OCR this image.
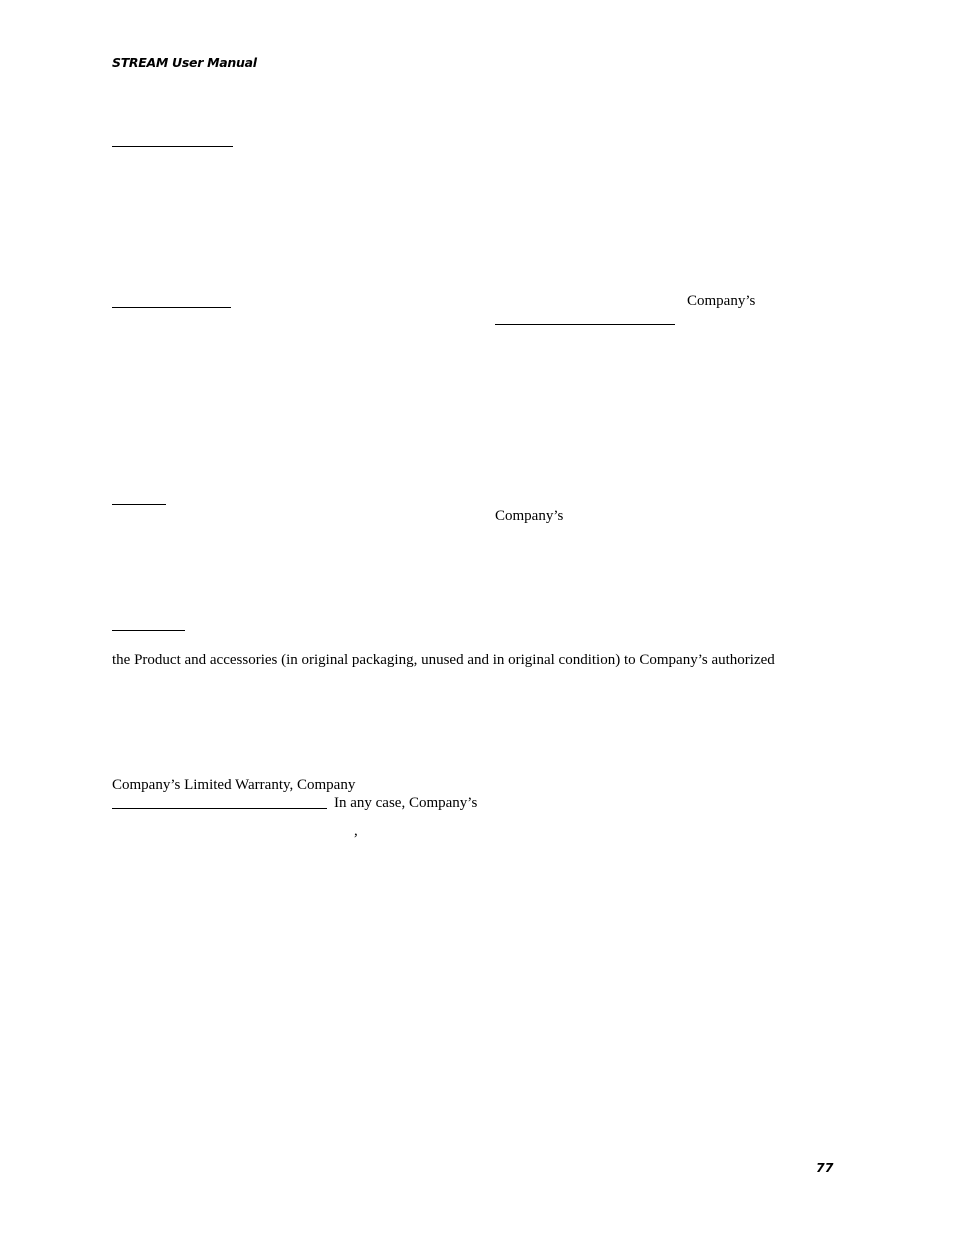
STREAM User Manual
Company’s
Company’s
the Product and accessories (in original packaging, unused and in original condition) to Company’s authorized
Company’s Limited Warranty, Company
In any case, Company’s
,
77
